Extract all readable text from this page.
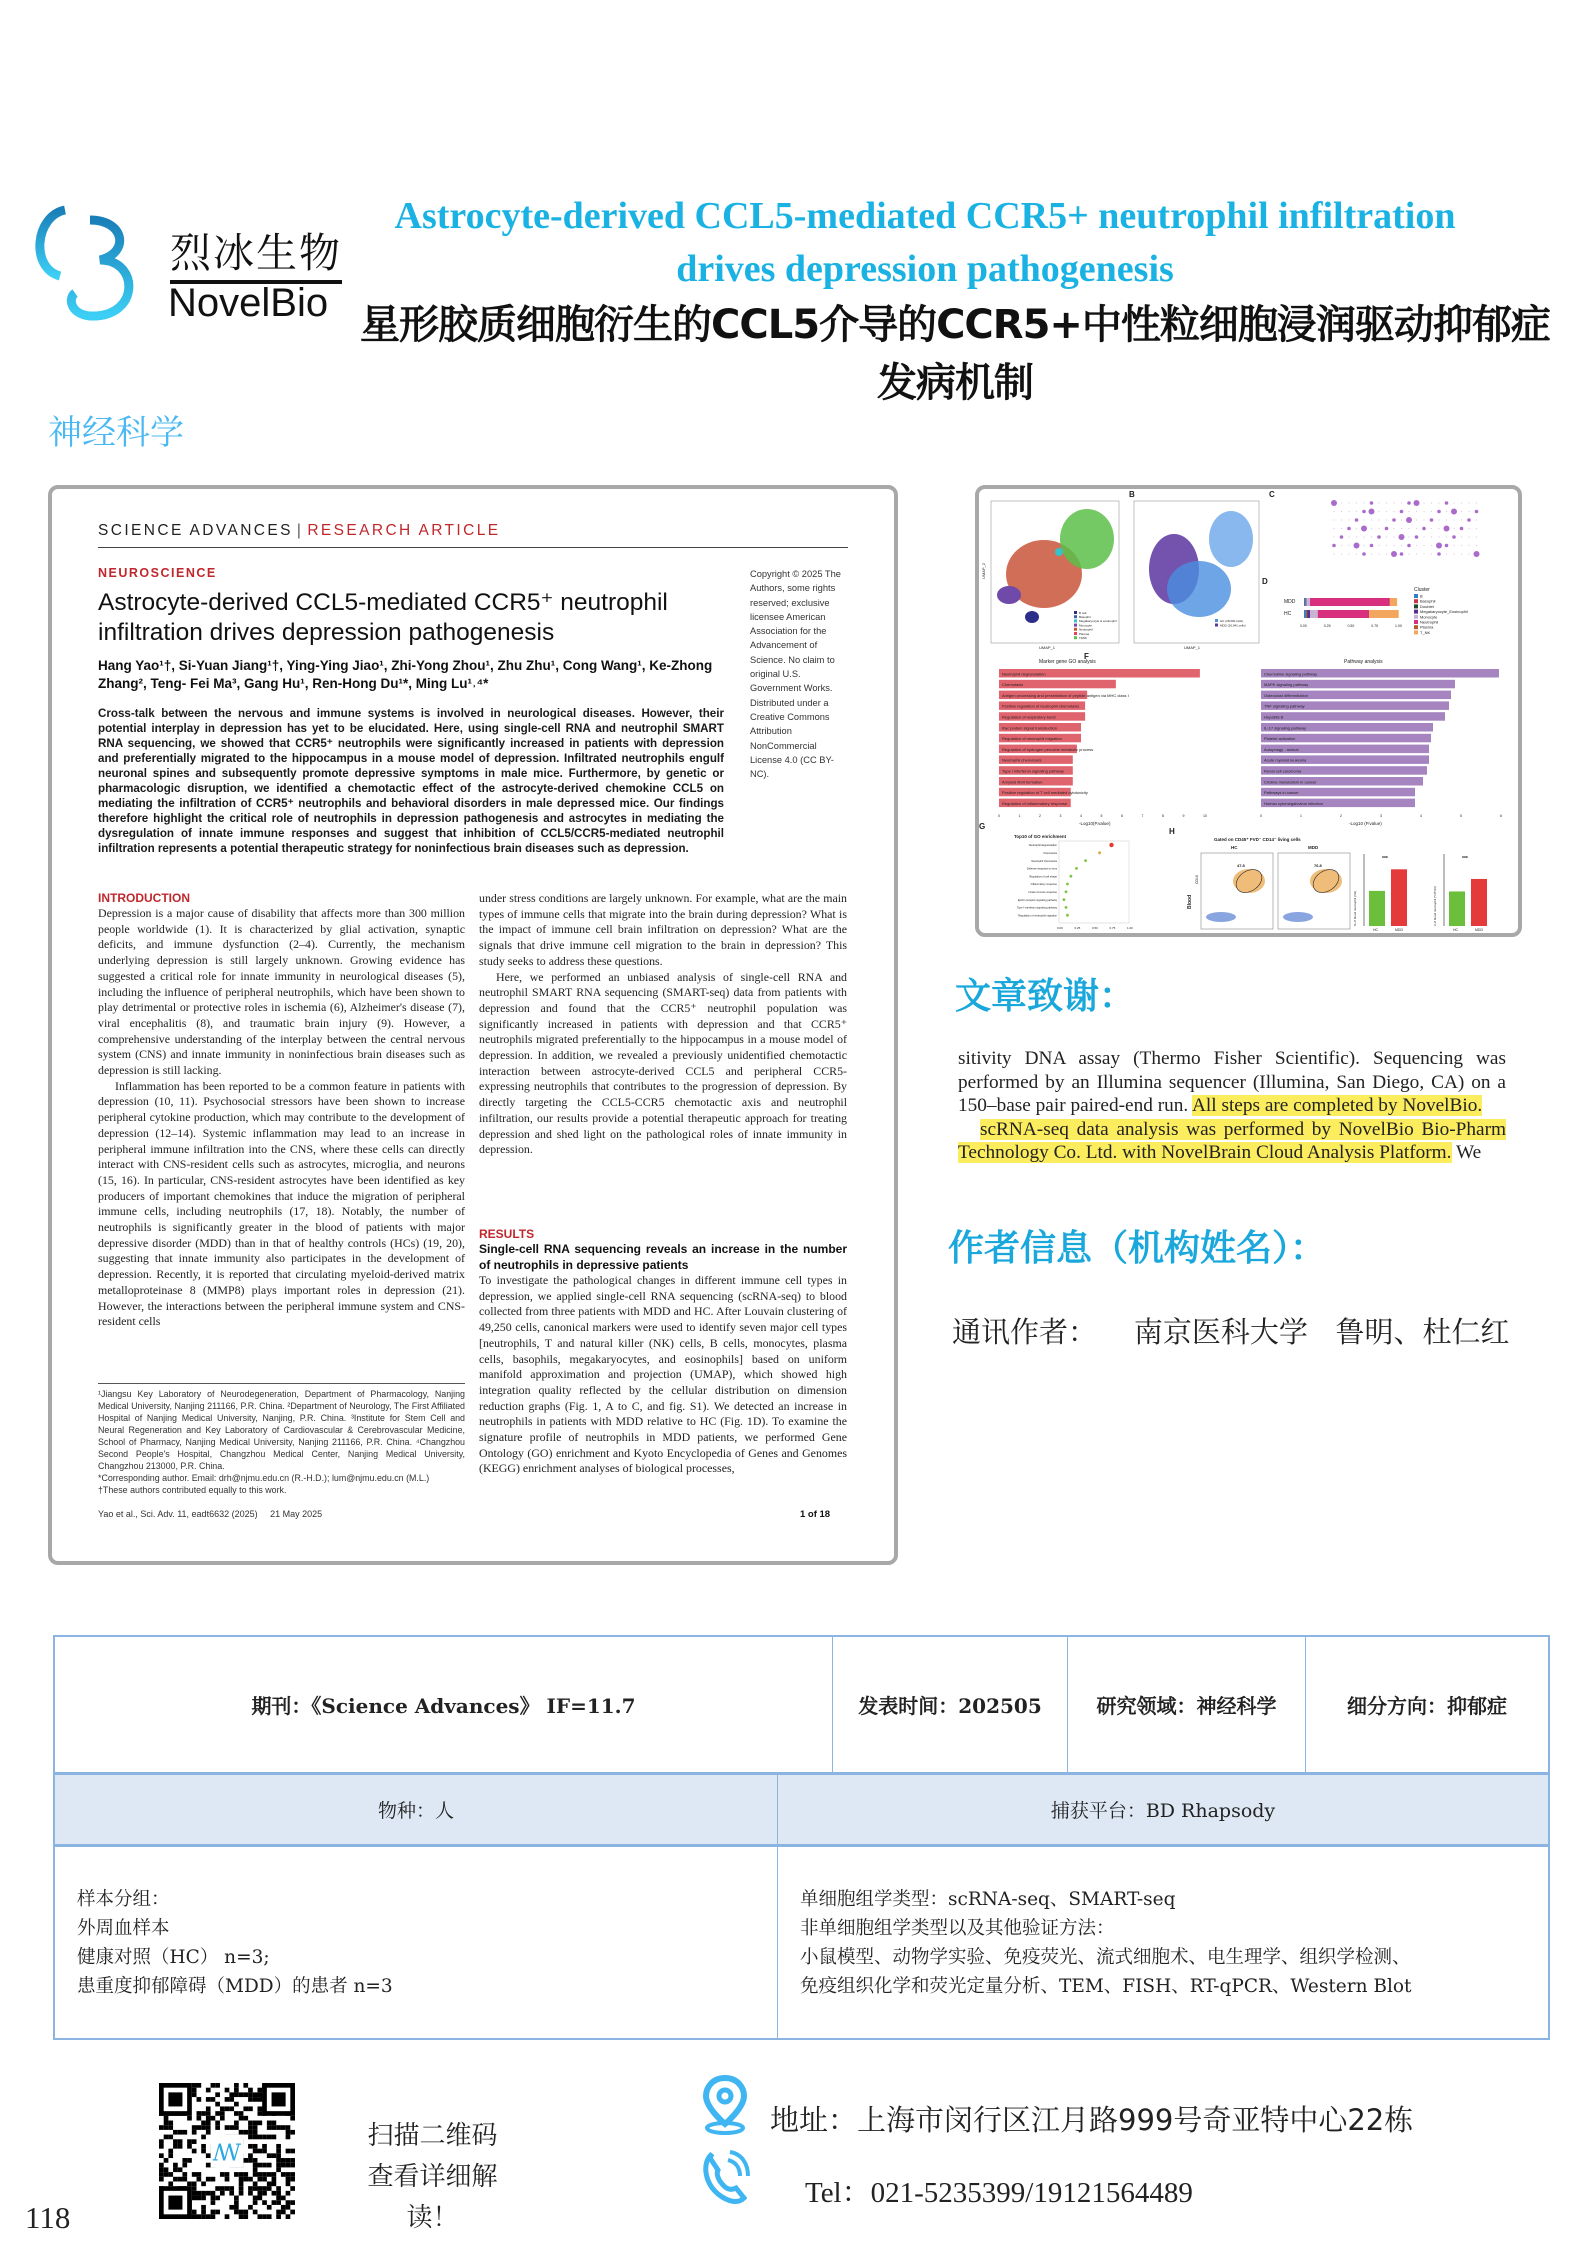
烈冰生物
NovelBio
Astrocyte-derived CCL5-mediated CCR5+ neutrophil infiltration drives depression pathogenesis
星形胶质细胞衍生的CCL5介导的CCR5+中性粒细胞浸润驱动抑郁症发病机制
神经科学
SCIENCE ADVANCES | RESEARCH ARTICLE
NEUROSCIENCE
Astrocyte-derived CCL5-mediated CCR5⁺ neutrophil infiltration drives depression pathogenesis
Hang Yao¹†, Si-Yuan Jiang¹†, Ying-Ying Jiao¹, Zhi-Yong Zhou¹, Zhu Zhu¹, Cong Wang¹, Ke-Zhong Zhang², Teng- Fei Ma³, Gang Hu¹, Ren-Hong Du¹*, Ming Lu¹˒⁴*
Cross-talk between the nervous and immune systems is involved in neurological diseases. However, their potential interplay in depression has yet to be elucidated. Here, using single-cell RNA and neutrophil SMART RNA sequencing, we showed that CCR5⁺ neutrophils were significantly increased in patients with depression and preferentially migrated to the hippocampus in a mouse model of depression. Infiltrated neutrophils engulf neuronal spines and subsequently promote depressive symptoms in male mice. Furthermore, by genetic or pharmacologic disruption, we identified a chemotactic effect of the astrocyte-derived chemokine CCL5 on mediating the infiltration of CCR5⁺ neutrophils and behavioral disorders in male depressed mice. Our findings therefore highlight the critical role of neutrophils in depression pathogenesis and astrocytes in mediating the dysregulation of innate immune responses and suggest that inhibition of CCL5/CCR5-mediated neutrophil infiltration represents a potential therapeutic strategy for noninfectious brain diseases such as depression.
Copyright © 2025 The Authors, some rights reserved; exclusive licensee American Association for the Advancement of Science. No claim to original U.S. Government Works. Distributed under a Creative Commons Attribution NonCommercial License 4.0 (CC BY-NC).
INTRODUCTION

Depression is a major cause of disability that affects more than 300 million people worldwide (1). It is characterized by glial activation, synaptic deficits, and immune dysfunction (2–4). Currently, the mechanism underlying depression is still largely unknown. Growing evidence has suggested a critical role for innate immunity in neurological diseases (5), including the influence of peripheral neutrophils, which have been shown to play detrimental or protective roles in ischemia (6), Alzheimer's disease (7), viral encephalitis (8), and traumatic brain injury (9). However, a comprehensive understanding of the interplay between the central nervous system (CNS) and innate immunity in noninfectious brain diseases such as depression is still lacking.

Inflammation has been reported to be a common feature in patients with depression (10, 11). Psychosocial stressors have been shown to increase peripheral cytokine production, which may contribute to the development of depression (12–14). Systemic inflammation may lead to an increase in peripheral immune infiltration into the CNS, where these cells can directly interact with CNS-resident cells such as astrocytes, microglia, and neurons (15, 16). In particular, CNS-resident astrocytes have been identified as key producers of important chemokines that induce the migration of peripheral immune cells, including neutrophils (17, 18). Notably, the number of neutrophils is significantly greater in the blood of patients with major depressive disorder (MDD) than in that of healthy controls (HCs) (19, 20), suggesting that innate immunity also participates in the development of depression. Recently, it is reported that circulating myeloid-derived matrix metalloproteinase 8 (MMP8) plays important roles in depression (21). However, the interactions between the peripheral immune system and CNS-resident cells

under stress conditions are largely unknown. For example, what are the main types of immune cells that migrate into the brain during depression? What is the impact of immune cell brain infiltration on depression? What are the signals that drive immune cell migration to the brain in depression? This study seeks to address these questions.

Here, we performed an unbiased analysis of single-cell RNA and neutrophil SMART RNA sequencing (SMART-seq) data from patients with depression and found that the CCR5⁺ neutrophil population was significantly increased in patients with depression and that CCR5⁺ neutrophils migrated preferentially to the hippocampus in a mouse model of depression. In addition, we revealed a previously unidentified chemotactic interaction between astrocyte-derived CCL5 and peripheral CCR5-expressing neutrophils that contributes to the progression of depression. By directly targeting the CCL5-CCR5 chemotactic axis and neutrophil infiltration, our results provide a potential therapeutic approach for treating depression and shed light on the pathological roles of innate immunity in depression.

RESULTS
Single-cell RNA sequencing reveals an increase in the number of neutrophils in depressive patients

To investigate the pathological changes in different immune cell types in depression, we applied single-cell RNA sequencing (scRNA-seq) to blood collected from three patients with MDD and HC. After Louvain clustering of 49,250 cells, canonical markers were used to identify seven major cell types [neutrophils, T and natural killer (NK) cells, B cells, monocytes, plasma cells, basophils, megakaryocytes, and eosinophils] based on uniform manifold approximation and projection (UMAP), which showed high integration quality reflected by the cellular distribution on dimension reduction graphs (Fig. 1, A to C, and fig. S1). We detected an increase in neutrophils in patients with MDD relative to HC (Fig. 1D). To examine the signature profile of neutrophils in MDD patients, we performed Gene Ontology (GO) enrichment and Kyoto Encyclopedia of Genes and Genomes (KEGG) enrichment analyses of biological processes,

¹Jiangsu Key Laboratory of Neurodegeneration, Department of Pharmacology, Nanjing Medical University, Nanjing 211166, P.R. China. ²Department of Neurology, The First Affiliated Hospital of Nanjing Medical University, Nanjing, P.R. China. ³Institute for Stem Cell and Neural Regeneration and Key Laboratory of Cardiovascular & Cerebrovascular Medicine, School of Pharmacy, Nanjing Medical University, Nanjing 211166, P.R. China. ⁴Changzhou Second People's Hospital, Changzhou Medical Center, Nanjing Medical University, Changzhou 213000, P.R. China.
*Corresponding author. Email: drh@njmu.edu.cn (R.-H.D.); lum@njmu.edu.cn (M.L.)
†These authors contributed equally to this work.
Yao et al., Sci. Adv. 11, eadt6632 (2025)     21 May 2025	1 of 18
B	C
D
F
G
H
B cell
Basophil
Megakaryocyte & eosinophil
Monocyte
Neutrophil
Plasma
T&NK
UMAP_1
UMAP_2
HC (28,000 cells)
MDD (20,941 cells)
UMAP_1
MDD
HC
0.00	0.25	0.50	0.75	1.00
Cluster
B
Basophil
Doublet
Megakaryocyte_Eosinophil
Monocyte
Neutrophil
Plasma
T_NK
Marker gene GO analysis
Neutrophil degranulation
Chemotaxis
Antigen processing and presentation of peptide antigen via MHC class I
Positive regulation of neutrophil chemotaxis
Regulation of respiratory burst
Rac protein signal transduction
Regulation of neutrophil migration
Regulation of hydrogen peroxide metabolic process
Neutrophil chemotaxis
Type I interferon signaling pathway
Amyloid fibril formation
Positive regulation of T cell mediated cytotoxicity
Regulation of inflammatory response
0	1	2	3	4	5	6	7	8	9	10
-Log10(P.value)
Pathway analysis
Chemokine signaling pathway
MAPK signaling pathway
Osteoclast differentiation
TNF signaling pathway
Hepatitis B
IL-17 signaling pathway
Platelet activation
Autophagy - animal
Acute myeloid leukemia
Renal cell carcinoma
Choline metabolism in cancer
Pathways in cancer
Human cytomegalovirus infection
0	1	2	3	4	5	6
-Log10 (P.value)
Top10 of GO enrichment
Neutrophil degranulation
Chemotaxis
Neutrophil chemotaxis
Defense response to virus
Regulation of cell shape
Inflammatory response
Innate immune response
Ephrin receptor signaling pathway
Type I interferon signaling pathway
Regulation of neutrophil migration
0.00	0.25	0.50	0.75	1.00
Gated on CD45⁺ FVD⁻ CD14⁻ living cells
HC
47.8
MDD
76.8
Blood
CD16
HC	MDD
***
% of blood neutrophil (/ml)
HC	MDD
***
# of blood neutrophil (*10⁶/ml)
文章致谢：
sitivity DNA assay (Thermo Fisher Scientific). Sequencing was performed by an Illumina sequencer (Illumina, San Diego, CA) on a 150–base pair paired-end run. All steps are completed by NovelBio.
scRNA-seq data analysis was performed by NovelBio Bio-Pharm Technology Co. Ltd. with NovelBrain Cloud Analysis Platform. We
作者信息（机构姓名）：
通讯作者：    南京医科大学   鲁明、杜仁红
期刊：《Science Advances》 IF=11.7	发表时间：202505	研究领域：神经科学	细分方向：抑郁症
物种：人	捕获平台：BD Rhapsody
样本分组：
外周血样本
健康对照（HC） n=3;
患重度抑郁障碍（MDD）的患者 n=3
单细胞组学类型：scRNA-seq、SMART-seq
非单细胞组学类型以及其他验证方法：
小鼠模型、动物学实验、免疫荧光、流式细胞术、电生理学、组织学检测、
免疫组织化学和荧光定量分析、TEM、FISH、RT-qPCR、Western Blot
ꟿ
扫描二维码
查看详细解读！
地址：上海市闵行区江月路999号奇亚特中心22栋
Tel：021-5235399/19121564489
118
